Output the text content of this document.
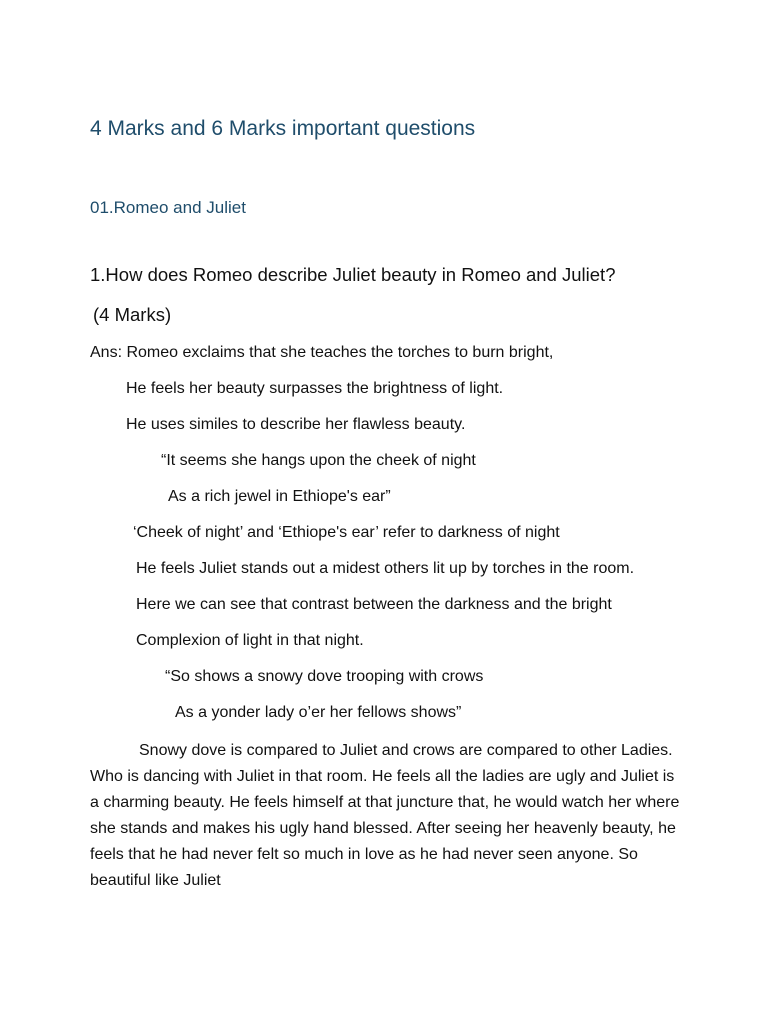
4 Marks and 6 Marks important questions
01.Romeo and Juliet
1.How does Romeo describe Juliet beauty in Romeo and Juliet?
(4 Marks)
Ans: Romeo exclaims that she teaches the torches to burn bright,
He feels her beauty surpasses the brightness of light.
He uses similes to describe her flawless beauty.
“It seems she hangs upon the cheek of night
As a rich jewel in Ethiope's ear”
‘Cheek of night’ and ‘Ethiope's ear’ refer to darkness of night
He feels Juliet stands out a midest others lit up by torches in the room.
Here we can see that contrast between the darkness and the bright
Complexion of light in that night.
“So shows a snowy dove trooping with crows
As a yonder lady o’er her fellows shows”

Snowy dove is compared to Juliet and crows are compared to other Ladies. Who is dancing with Juliet in that room. He feels all the ladies are ugly and Juliet is a charming beauty. He feels himself at that juncture that, he would watch her where she stands and makes his ugly hand blessed. After seeing her heavenly beauty, he feels that he had never felt so much in love as he had never seen anyone. So beautiful like Juliet
